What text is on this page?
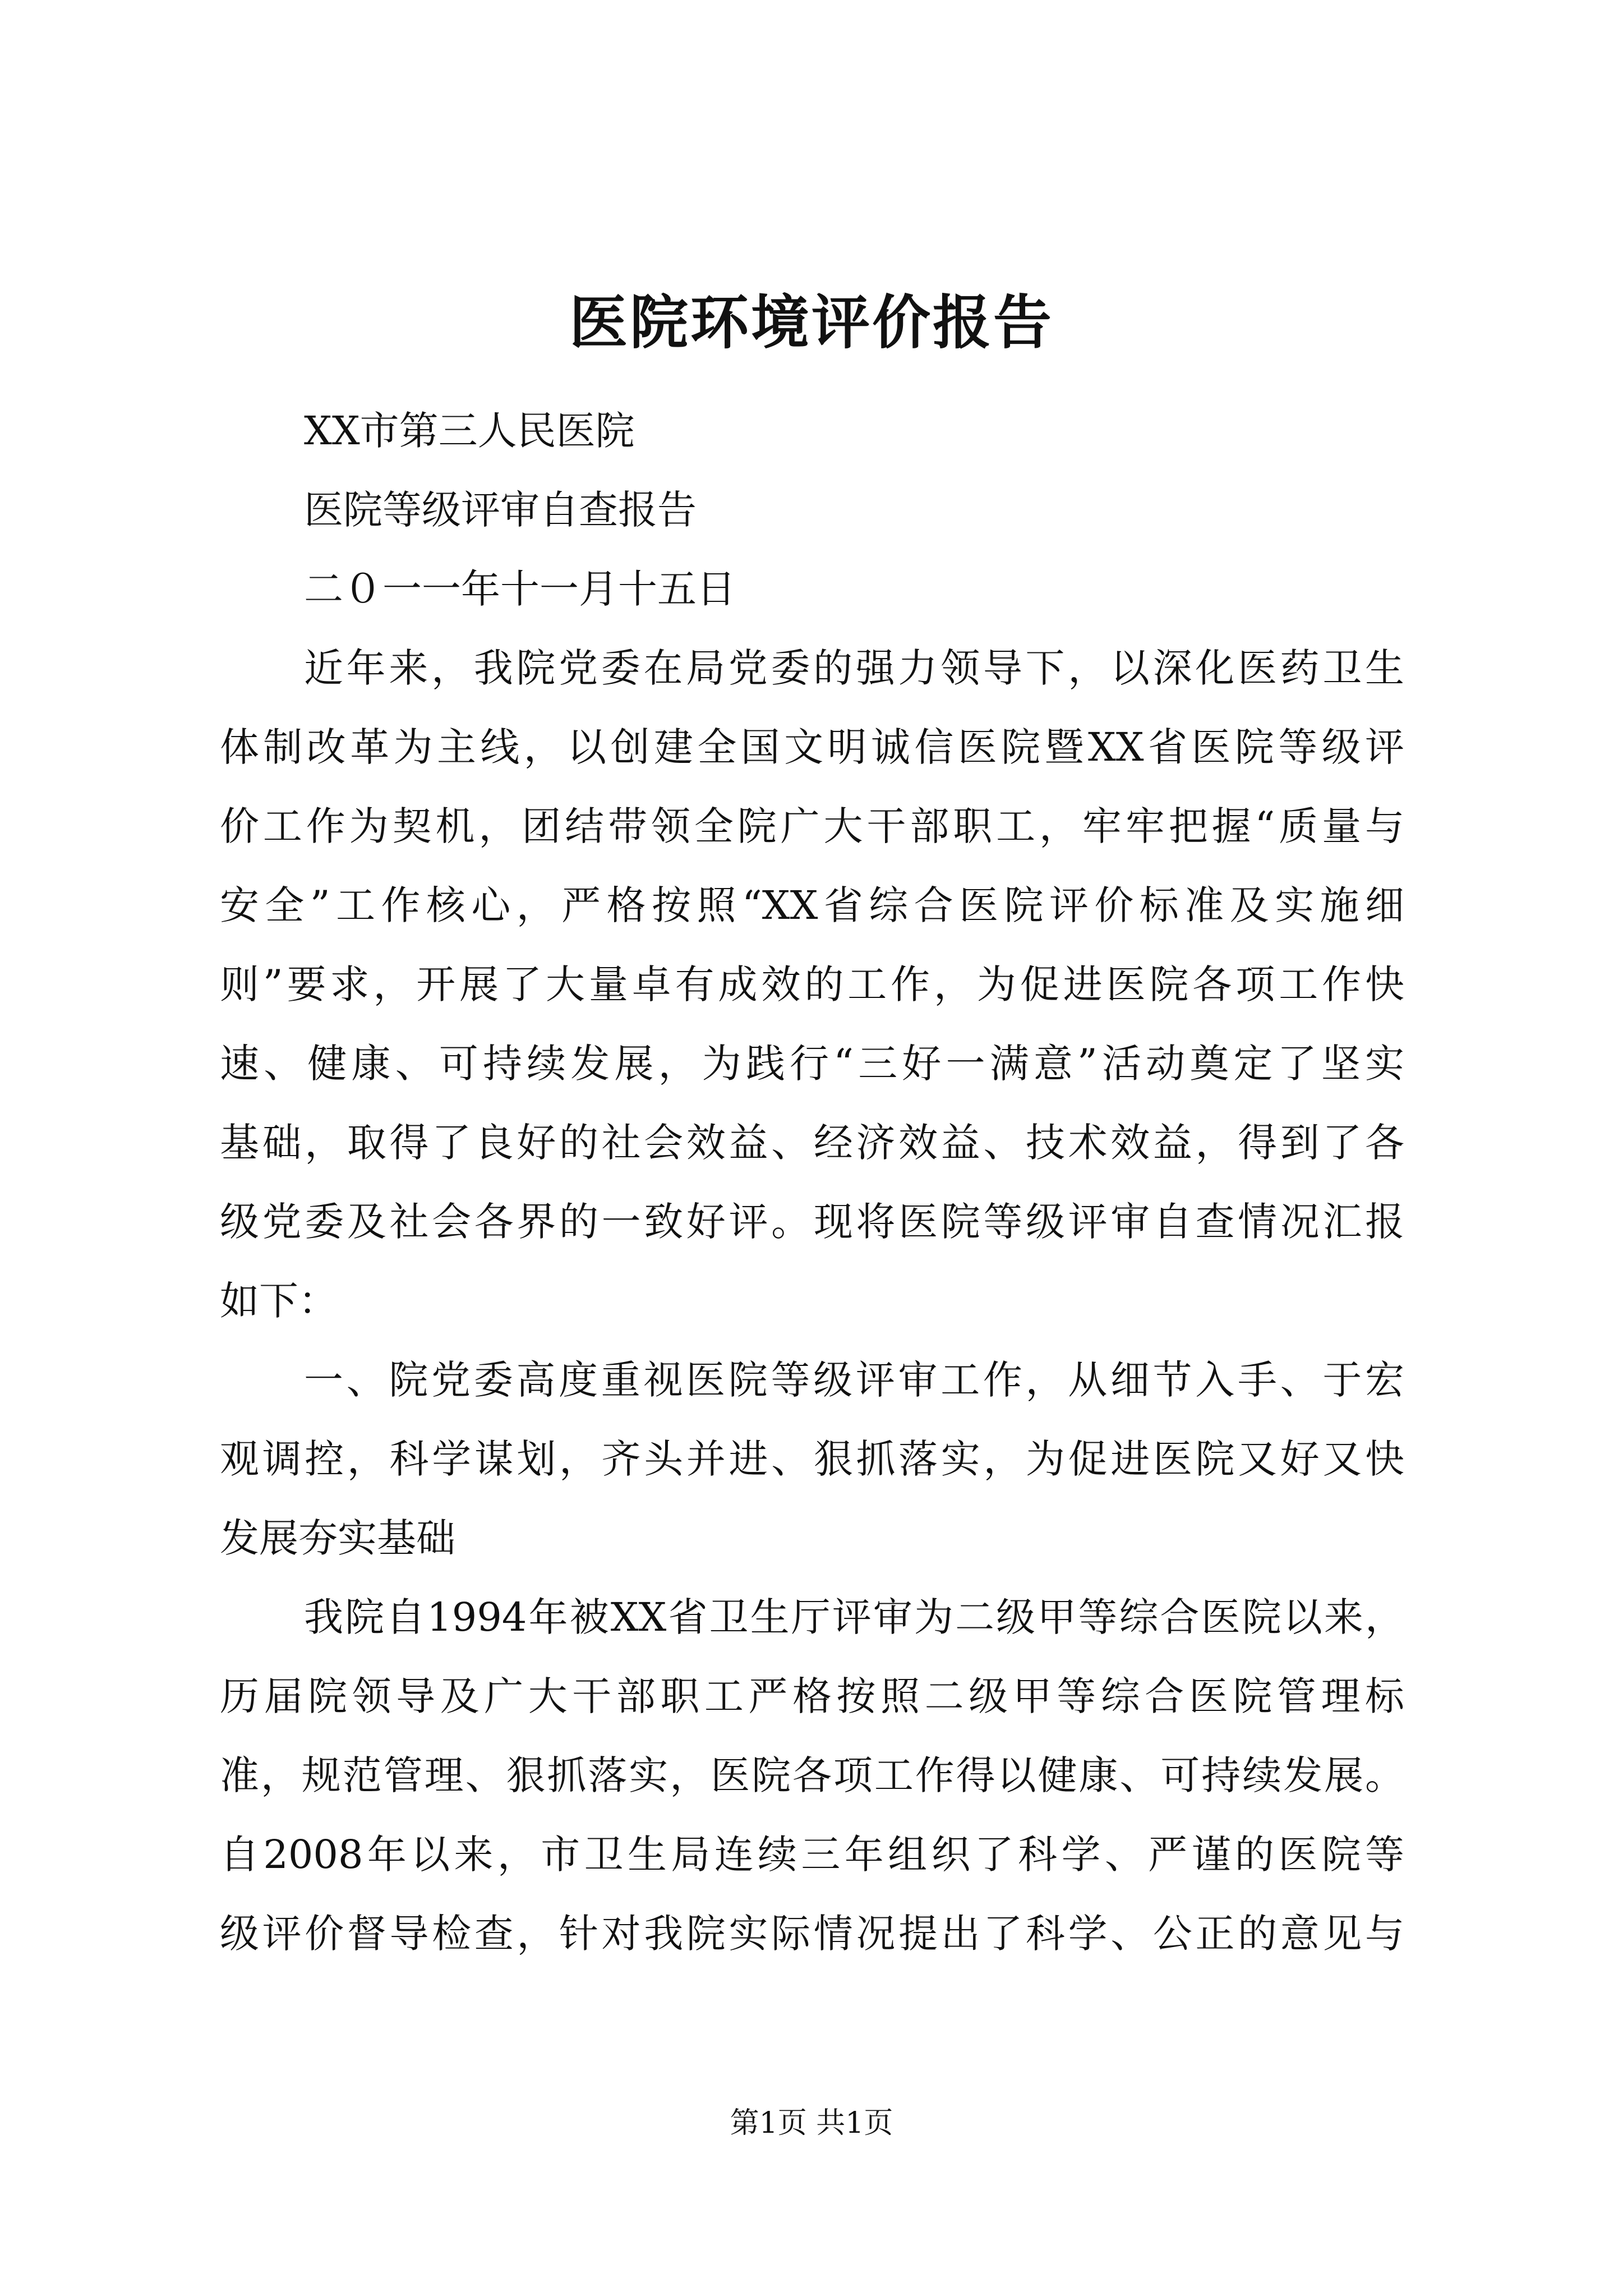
医院环境评价报告
XX市第三人民医院
医院等级评审自查报告
二０一一年十一月十五日
近年来，我院党委在局党委的强力领导下，以深化医药卫生
体制改革为主线，以创建全国文明诚信医院暨XX省医院等级评
价工作为契机，团结带领全院广大干部职工，牢牢把握“质量与
安全”工作核心，严格按照“XX省综合医院评价标准及实施细
则”要求，开展了大量卓有成效的工作，为促进医院各项工作快
速、健康、可持续发展，为践行“三好一满意”活动奠定了坚实
基础，取得了良好的社会效益、经济效益、技术效益，得到了各
级党委及社会各界的一致好评。现将医院等级评审自查情况汇报
如下：
一、院党委高度重视医院等级评审工作，从细节入手、于宏
观调控，科学谋划，齐头并进、狠抓落实，为促进医院又好又快
发展夯实基础
我院自1994年被XX省卫生厅评审为二级甲等综合医院以来，
历届院领导及广大干部职工严格按照二级甲等综合医院管理标
准，规范管理、狠抓落实，医院各项工作得以健康、可持续发展。
自2008年以来，市卫生局连续三年组织了科学、严谨的医院等
级评价督导检查，针对我院实际情况提出了科学、公正的意见与
第1页 共1页
